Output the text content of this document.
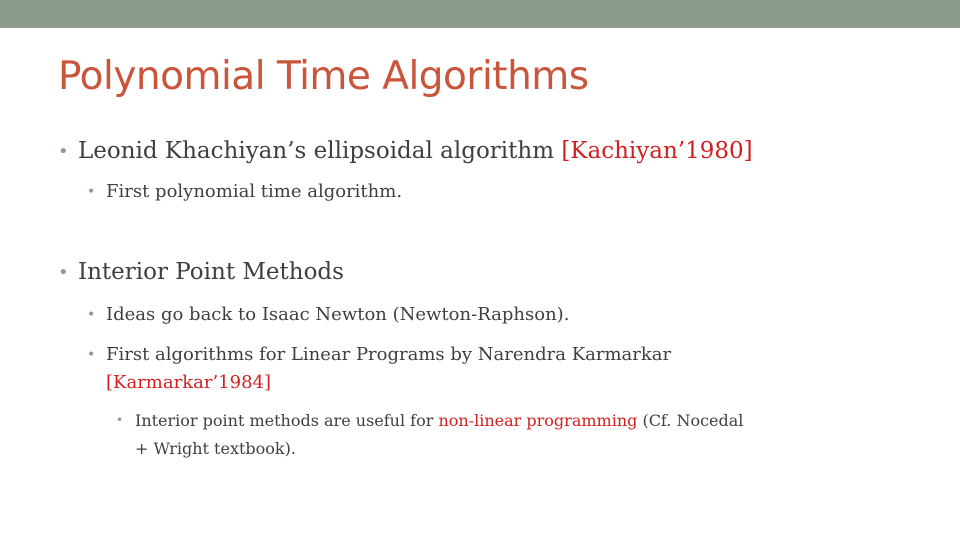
Polynomial Time Algorithms
• Leonid Khachiyan’s ellipsoidal algorithm [Kachiyan’1980]
• First polynomial time algorithm.
• Interior Point Methods
• Ideas go back to Isaac Newton (Newton-Raphson).
• First algorithms for Linear Programs by Narendra Karmarkar
[Karmarkar’1984]
• Interior point methods are useful for non-linear programming (Cf. Nocedal
+ Wright textbook).
